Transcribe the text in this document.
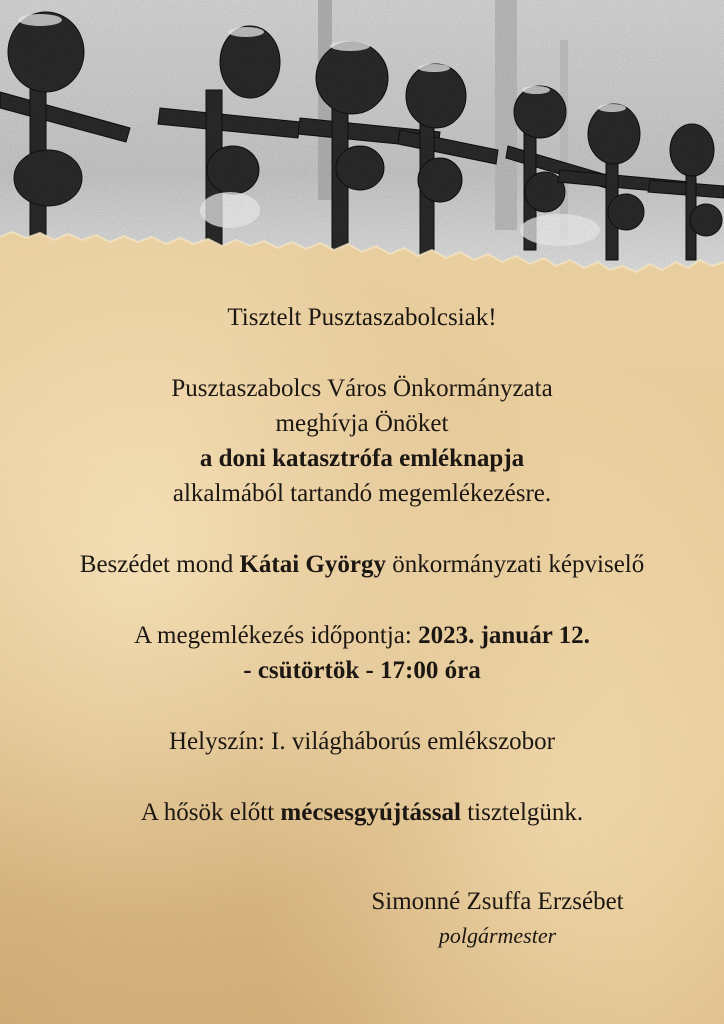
Tisztelt Pusztaszabolcsiak!

Pusztaszabolcs Város Önkormányzata

meghívja Önöket

a doni katasztrófa emléknapja

alkalmából tartandó megemlékezésre.

Beszédet mond Kátai György önkormányzati képviselő

A megemlékezés időpontja: 2023. január 12.

- csütörtök - 17:00 óra

Helyszín: I. világháborús emlékszobor

A hősök előtt mécsesgyújtással tisztelgünk.

Simonné Zsuffa Erzsébet
polgármester
